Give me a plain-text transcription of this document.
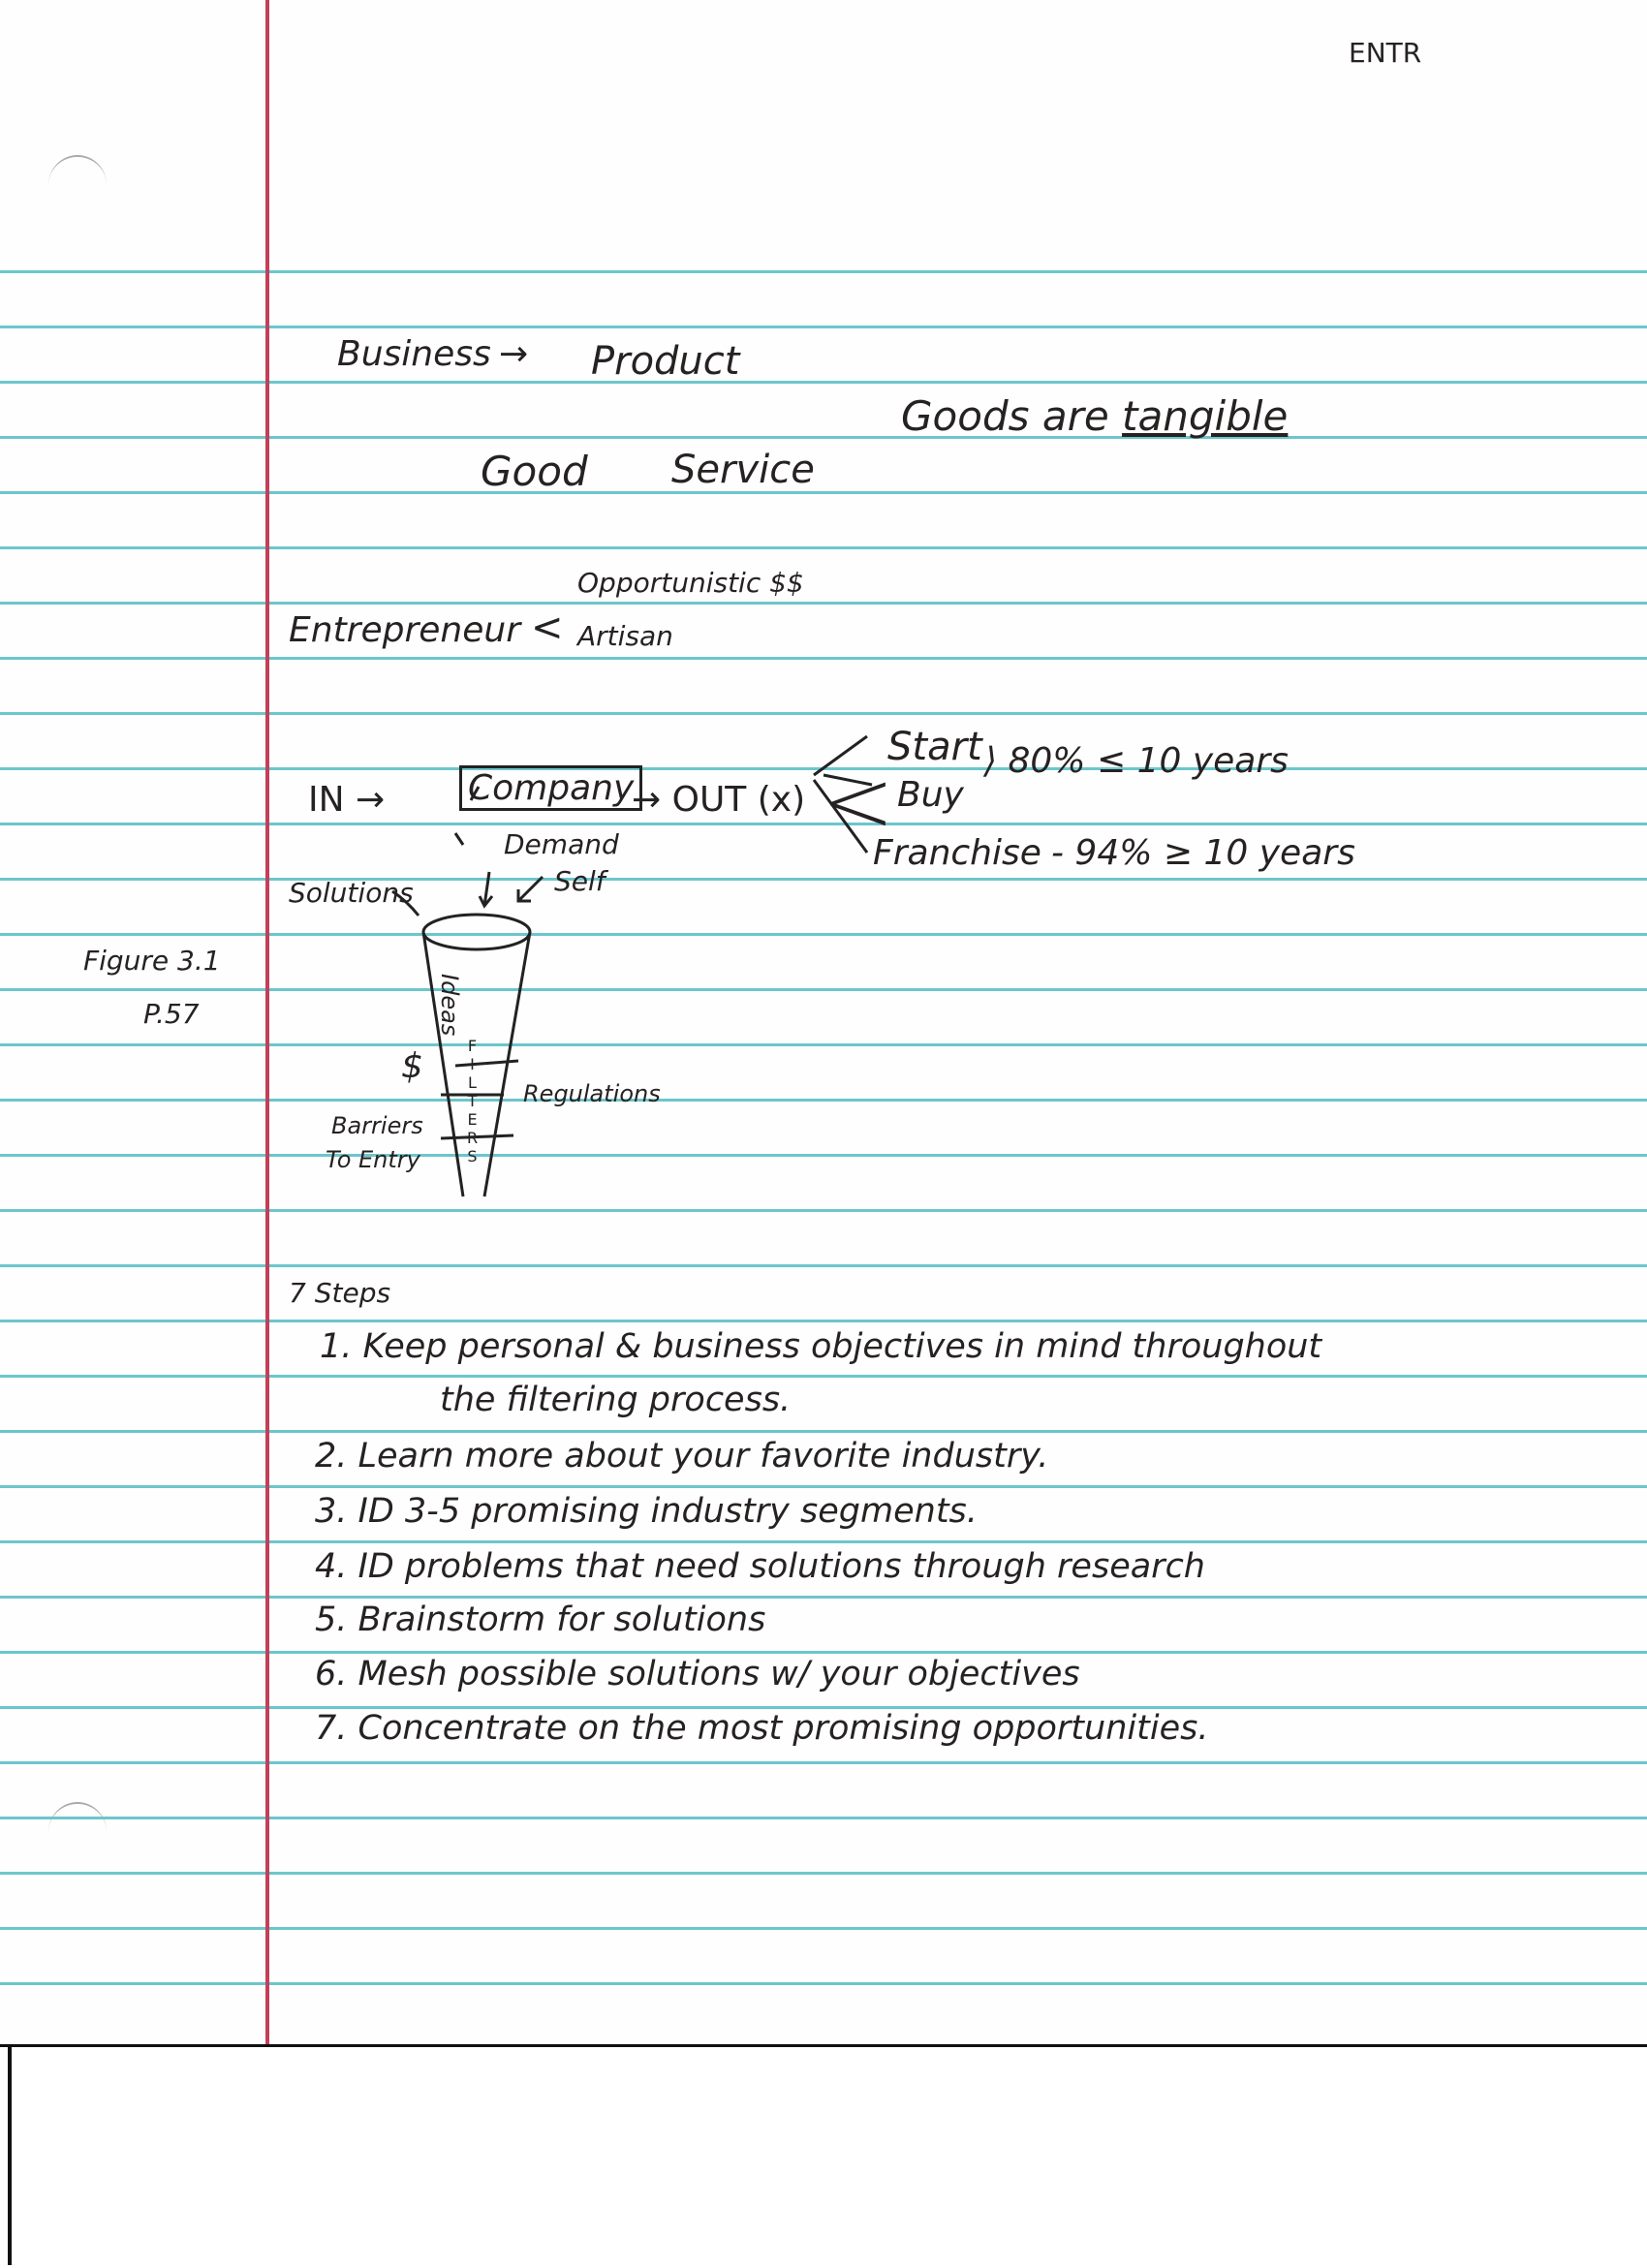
ENTR
Business → Product
Good Service
Goods are tangible
Opportunistic $$
Entrepreneur < Artisan
IN → Company
→ OUT (x) <
Start
Buy
Franchise
⟩ 80% ≤ 10 years
- 94% ≥ 10 years
Demand
Self
Solutions
Figure 3.1
P.57	Ideas
FILTERS
$
Regulations
Barriers
To Entry
7 Steps
1. Keep personal & business objectives in mind throughout
the filtering process.
2. Learn more about your favorite industry.
3. ID 3-5 promising industry segments.
4. ID problems that need solutions through research
5. Brainstorm for solutions
6. Mesh possible solutions w/ your objectives
7. Concentrate on the most promising opportunities.
